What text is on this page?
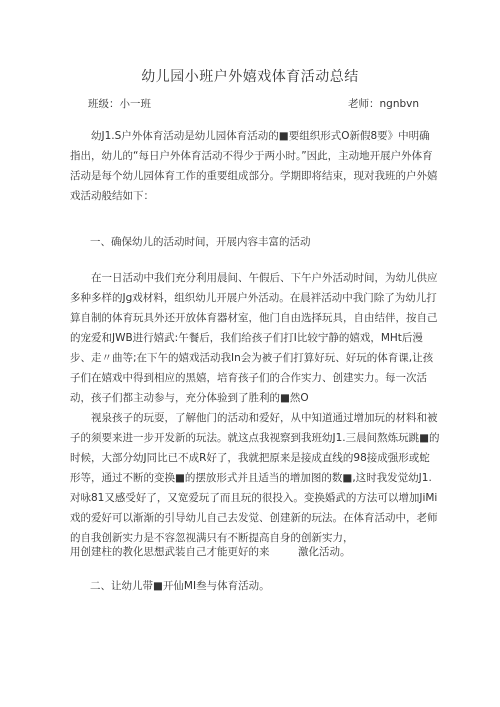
幼儿园小班户外嬉戏体育活动总结
班级：小一班	老师：ngnbvn
幼J1.S户外体育活动是幼儿园体育活动的■要组织形式O新假8要》中明确指出，幼儿的“每日户外体育活动不得少于两小时。”因此，主动地开展户外体育活动是每个幼儿园体育工作的重要组成部分。学期即将结束，现对我班的户外嬉戏活动般结如下：
一、确保幼儿的活动时间，开展内容丰富的活动
在一日活动中我们充分利用晨间、午假后、下午户外活动时间，为幼儿供应多种多样的Jg戏材料，组织幼儿开展户外活动。在晨袢活动中我门除了为幼儿打算自制的体育玩具外还开放体育器材室，他门自由选择玩具，自由结伴，按自己的宠爱和JWB进行嬉武:午餐后，我们给孩子们打I比较宁静的嬉戏，MHt后漫步、走〃曲等;在下午的嬉戏活动我In会为被子们打算好玩、好玩的体育课,让孩子们在嬉戏中得到相应的黑嬉，培育孩子们的合作实力、创建实力。每一次活动，孩子们都主动参与，充分体验到了胜利的■然O
视泉孩子的玩耍，了解他门的活动和爱好，从中知道通过增加玩的材料和被子的须要来进一步开发新的玩法。就这点我视察到我班幼J1.三晨间熬炼玩跳■的时候，大部分幼J同比已不成R好了，我就把原来是接成直线的98接成强形或蛇形等，通过不断的变换■的摆放形式并且适当的增加图的数■,这时我发觉幼J1.对咏81又感受好了，又宽爱玩了而且玩的很投入。变换婚武的方法可以增加JiMi戏的爱好可以渐渐的引导幼儿自己去发觉、创建新的玩法。在体育活动中，老师的自我创新实力是不容忽视满只有不断提高自身的创新实力，
用创建柱的教化思想武装自己才能更好的来	激化活动。
二、让幼儿带■开仙MI叁与体育活动。
